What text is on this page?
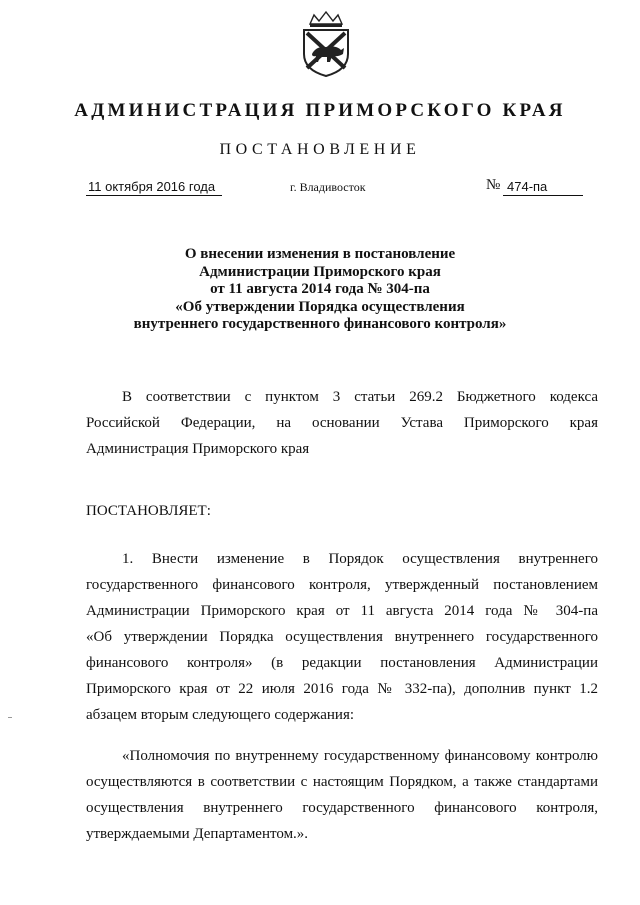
АДМИНИСТРАЦИЯ ПРИМОРСКОГО КРАЯ
ПОСТАНОВЛЕНИЕ
11 октября 2016 года	г. Владивосток	№ 474-па
О внесении изменения в постановление
Администрации Приморского края
от 11 августа 2014 года № 304-па
«Об утверждении Порядка осуществления
внутреннего государственного финансового контроля»
В соответствии с пунктом 3 статьи 269.2 Бюджетного кодекса
Российской Федерации, на основании Устава Приморского края
Администрация Приморского края
ПОСТАНОВЛЯЕТ:
1. Внести изменение в Порядок осуществления внутреннего
государственного финансового контроля, утвержденный постановлением
Администрации Приморского края от 11 августа 2014 года № 304-па
«Об утверждении Порядка осуществления внутреннего государственного
финансового контроля» (в редакции постановления Администрации
Приморского края от 22 июля 2016 года № 332-па), дополнив пункт 1.2
абзацем вторым следующего содержания:
«Полномочия по внутреннему государственному финансовому контролю
осуществляются в соответствии с настоящим Порядком, а также стандартами
осуществления внутреннего государственного финансового контроля,
утверждаемыми Департаментом.».
